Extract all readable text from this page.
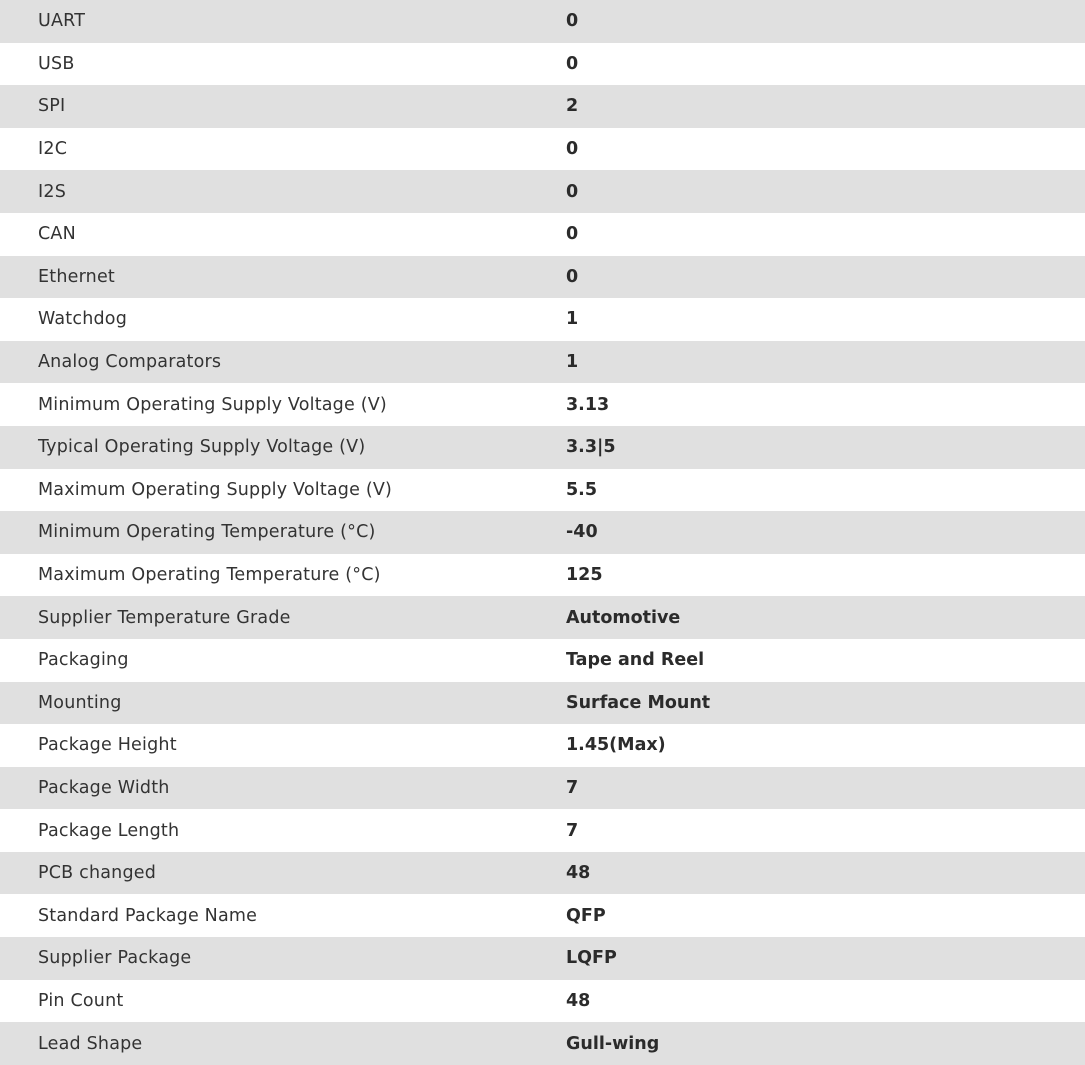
UART	0
USB	0
SPI	2
I2C	0
I2S	0
CAN	0
Ethernet	0
Watchdog	1
Analog Comparators	1
Minimum Operating Supply Voltage (V)	3.13
Typical Operating Supply Voltage (V)	3.3|5
Maximum Operating Supply Voltage (V)	5.5
Minimum Operating Temperature (°C)	-40
Maximum Operating Temperature (°C)	125
Supplier Temperature Grade	Automotive
Packaging	Tape and Reel
Mounting	Surface Mount
Package Height	1.45(Max)
Package Width	7
Package Length	7
PCB changed	48
Standard Package Name	QFP
Supplier Package	LQFP
Pin Count	48
Lead Shape	Gull-wing
